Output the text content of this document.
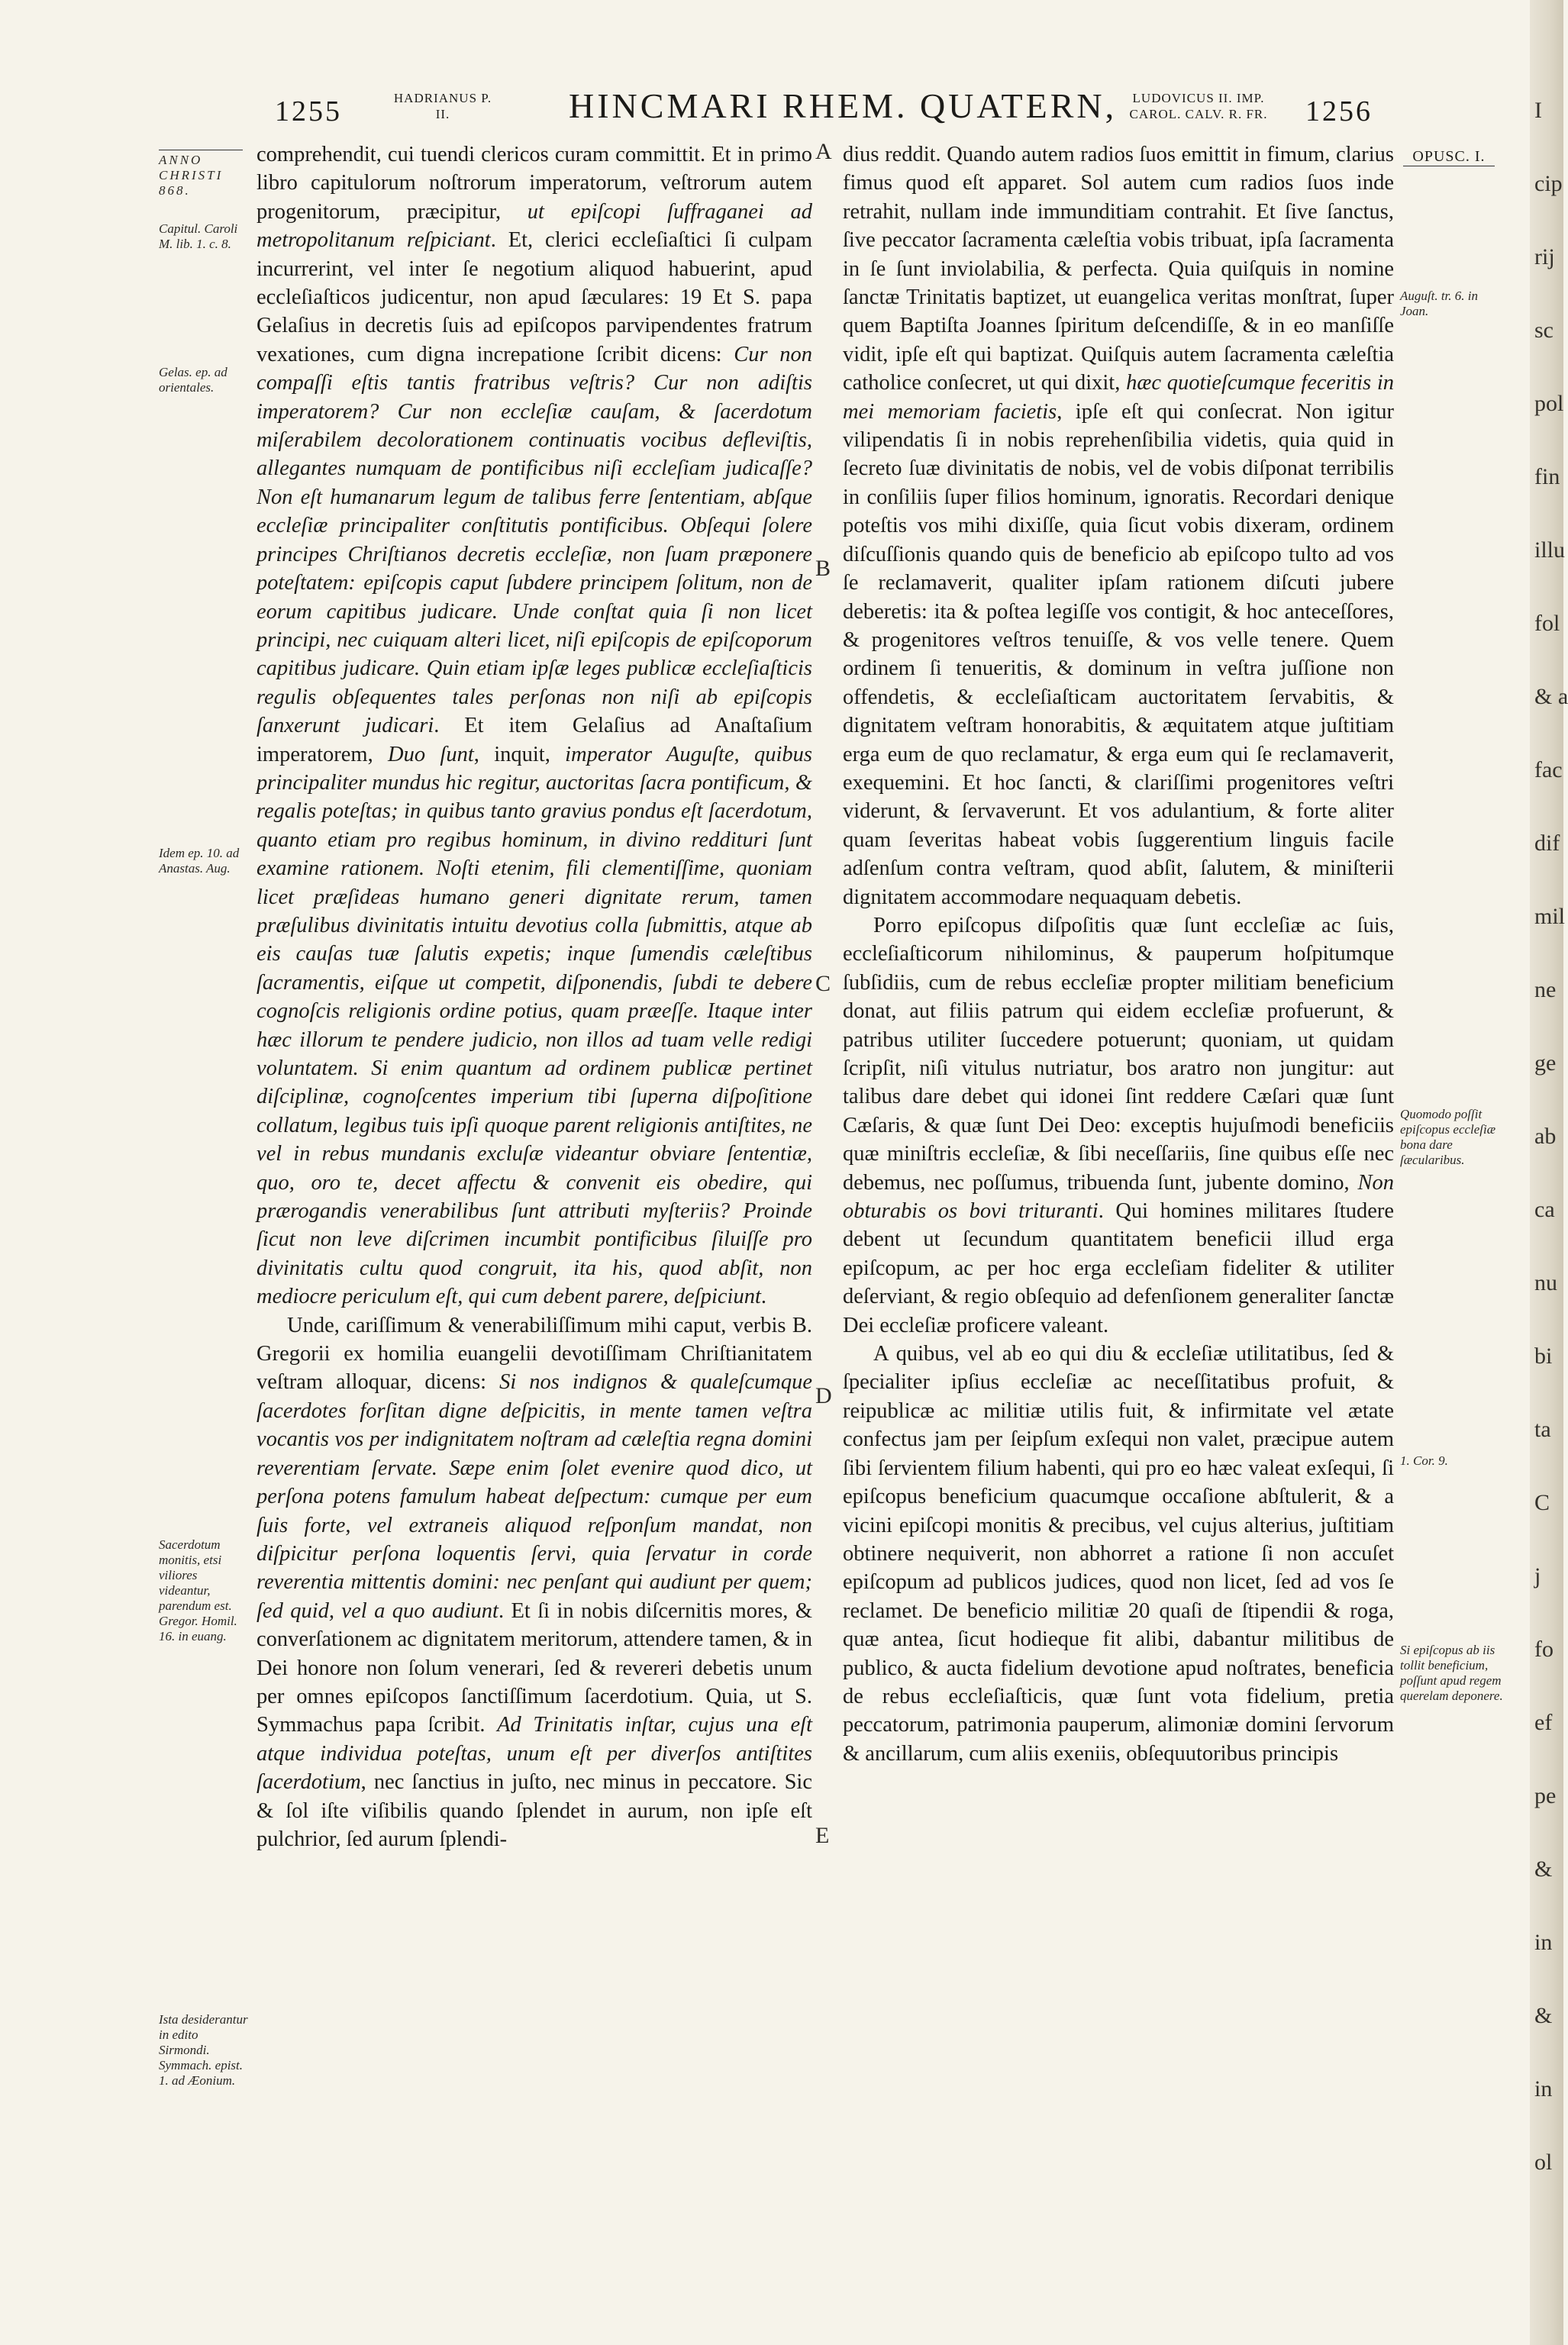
1255	HADRIANUS P. II.	HINCMARI RHEM. QUATERN,	LUDOVICUS II. IMP. CAROL. CALV. R. FR.	1256
OPUSC. I.
ANNO CHRISTI 868.
Capitul. Caroli M. lib. 1. c. 8.
Gelas. ep. ad orientales.
Idem ep. 10. ad Anastas. Aug.
Sacerdotum monitis, etsi viliores videantur, parendum est. Gregor. Homil. 16. in euang.
Ista desiderantur in edito Sirmondi. Symmach. epist. 1. ad Æonium.
A
B
C
D
E

comprehendit, cui tuendi clericos curam committit. Et in primo libro capitulorum noſtrorum imperatorum, veſtrorum autem progenitorum, præcipitur, ut epiſcopi ſuffraganei ad metropolitanum reſpiciant. Et, clerici eccleſiaſtici ſi culpam incurrerint, vel inter ſe negotium aliquod habuerint, apud eccleſiaſticos judicentur, non apud ſæculares: 19 Et S. papa Gelaſius in decretis ſuis ad epiſcopos parvipendentes fratrum vexationes, cum digna increpatione ſcribit dicens: Cur non compaſſi eſtis tantis fratribus veſtris? Cur non adiſtis imperatorem? Cur non eccleſiæ cauſam, & ſacerdotum miſerabilem decolorationem continuatis vocibus defleviſtis, allegantes numquam de pontificibus niſi eccleſiam judicaſſe? Non eſt humanarum legum de talibus ferre ſententiam, abſque eccleſiæ principaliter conſtitutis pontificibus. Obſequi ſolere principes Chriſtianos decretis eccleſiæ, non ſuam præponere poteſtatem: epiſcopis caput ſubdere principem ſolitum, non de eorum capitibus judicare. Unde conſtat quia ſi non licet principi, nec cuiquam alteri licet, niſi epiſcopis de epiſcoporum capitibus judicare. Quin etiam ipſæ leges publicæ eccleſiaſticis regulis obſequentes tales perſonas non niſi ab epiſcopis ſanxerunt judicari. Et item Gelaſius ad Anaſtaſium imperatorem, Duo ſunt, inquit, imperator Auguſte, quibus principaliter mundus hic regitur, auctoritas ſacra pontificum, & regalis poteſtas; in quibus tanto gravius pondus eſt ſacerdotum, quanto etiam pro regibus hominum, in divino reddituri ſunt examine rationem. Noſti etenim, fili clementiſſime, quoniam licet præſideas humano generi dignitate rerum, tamen præſulibus divinitatis intuitu devotius colla ſubmittis, atque ab eis cauſas tuæ ſalutis expetis; inque ſumendis cæleſtibus ſacramentis, eiſque ut competit, diſponendis, ſubdi te debere cognoſcis religionis ordine potius, quam præeſſe. Itaque inter hæc illorum te pendere judicio, non illos ad tuam velle redigi voluntatem. Si enim quantum ad ordinem publicæ pertinet diſciplinæ, cognoſcentes imperium tibi ſuperna diſpoſitione collatum, legibus tuis ipſi quoque parent religionis antiſtites, ne vel in rebus mundanis excluſæ videantur obviare ſententiæ, quo, oro te, decet affectu & convenit eis obedire, qui prærogandis venerabilibus ſunt attributi myſteriis? Proinde ſicut non leve diſcrimen incumbit pontificibus ſiluiſſe pro divinitatis cultu quod congruit, ita his, quod abſit, non mediocre periculum eſt, qui cum debent parere, deſpiciunt.

Unde, cariſſimum & venerabiliſſimum mihi caput, verbis B. Gregorii ex homilia euangelii devotiſſimam Chriſtianitatem veſtram alloquar, dicens: Si nos indignos & qualeſcumque ſacerdotes forſitan digne deſpicitis, in mente tamen veſtra vocantis vos per indignitatem noſtram ad cæleſtia regna domini reverentiam ſervate. Sæpe enim ſolet evenire quod dico, ut perſona potens famulum habeat deſpectum: cumque per eum ſuis forte, vel extraneis aliquod reſponſum mandat, non diſpicitur perſona loquentis ſervi, quia ſervatur in corde reverentia mittentis domini: nec penſant qui audiunt per quem; ſed quid, vel a quo audiunt. Et ſi in nobis diſcernitis mores, & converſationem ac dignitatem meritorum, attendere tamen, & in Dei honore non ſolum venerari, ſed & revereri debetis unum per omnes epiſcopos ſanctiſſimum ſacerdotium. Quia, ut S. Symmachus papa ſcribit. Ad Trinitatis inſtar, cujus una eſt atque individua poteſtas, unum eſt per diverſos antiſtites ſacerdotium, nec ſanctius in juſto, nec minus in peccatore. Sic & ſol iſte viſibilis quando ſplendet in aurum, non ipſe eſt pulchrior, ſed aurum ſplendi-

dius reddit. Quando autem radios ſuos emittit in fimum, clarius fimus quod eſt apparet. Sol autem cum radios ſuos inde retrahit, nullam inde immunditiam contrahit. Et ſive ſanctus, ſive peccator ſacramenta cæleſtia vobis tribuat, ipſa ſacramenta in ſe ſunt inviolabilia, & perfecta. Quia quiſquis in nomine ſanctæ Trinitatis baptizet, ut euangelica veritas monſtrat, ſuper quem Baptiſta Joannes ſpiritum deſcendiſſe, & in eo manſiſſe vidit, ipſe eſt qui baptizat. Quiſquis autem ſacramenta cæleſtia catholice conſecret, ut qui dixit, hæc quotieſcumque feceritis in mei memoriam facietis, ipſe eſt qui conſecrat. Non igitur vilipendatis ſi in nobis reprehenſibilia videtis, quia quid in ſecreto ſuæ divinitatis de nobis, vel de vobis diſponat terribilis in conſiliis ſuper filios hominum, ignoratis. Recordari denique poteſtis vos mihi dixiſſe, quia ſicut vobis dixeram, ordinem diſcuſſionis quando quis de beneficio ab epiſcopo tulto ad vos ſe reclamaverit, qualiter ipſam rationem diſcuti jubere deberetis: ita & poſtea legiſſe vos contigit, & hoc anteceſſores, & progenitores veſtros tenuiſſe, & vos velle tenere. Quem ordinem ſi tenueritis, & dominum in veſtra juſſione non offendetis, & eccleſiaſticam auctoritatem ſervabitis, & dignitatem veſtram honorabitis, & æquitatem atque juſtitiam erga eum de quo reclamatur, & erga eum qui ſe reclamaverit, exequemini. Et hoc ſancti, & clariſſimi progenitores veſtri viderunt, & ſervaverunt. Et vos adulantium, & forte aliter quam ſeveritas habeat vobis ſuggerentium linguis facile adſenſum contra veſtram, quod abſit, ſalutem, & miniſterii dignitatem accommodare nequaquam debetis.

Porro epiſcopus diſpoſitis quæ ſunt eccleſiæ ac ſuis, eccleſiaſticorum nihilominus, & pauperum hoſpitumque ſubſidiis, cum de rebus eccleſiæ propter militiam beneficium donat, aut filiis patrum qui eidem eccleſiæ profuerunt, & patribus utiliter ſuccedere potuerunt; quoniam, ut quidam ſcripſit, niſi vitulus nutriatur, bos aratro non jungitur: aut talibus dare debet qui idonei ſint reddere Cæſari quæ ſunt Cæſaris, & quæ ſunt Dei Deo: exceptis hujuſmodi beneficiis quæ miniſtris eccleſiæ, & ſibi neceſſariis, ſine quibus eſſe nec debemus, nec poſſumus, tribuenda ſunt, jubente domino, Non obturabis os bovi trituranti. Qui homines militares ſtudere debent ut ſecundum quantitatem beneficii illud erga epiſcopum, ac per hoc erga eccleſiam fideliter & utiliter deſerviant, & regio obſequio ad defenſionem generaliter ſanctæ Dei eccleſiæ proficere valeant.

A quibus, vel ab eo qui diu & eccleſiæ utilitatibus, ſed & ſpecialiter ipſius eccleſiæ ac neceſſitatibus profuit, & reipublicæ ac militiæ utilis fuit, & infirmitate vel ætate confectus jam per ſeipſum exſequi non valet, præcipue autem ſibi ſervientem filium habenti, qui pro eo hæc valeat exſequi, ſi epiſcopus beneficium quacumque occaſione abſtulerit, & a vicini epiſcopi monitis & precibus, vel cujus alterius, juſtitiam obtinere nequiverit, non abhorret a ratione ſi non accuſet epiſcopum ad publicos judices, quod non licet, ſed ad vos ſe reclamet. De beneficio militiæ 20 quaſi de ſtipendii & roga, quæ antea, ſicut hodieque fit alibi, dabantur militibus de publico, & aucta fidelium devotione apud noſtrates, beneficia de rebus eccleſiaſticis, quæ ſunt vota fidelium, pretia peccatorum, patrimonia pauperum, alimoniæ domini ſervorum & ancillarum, cum aliis exeniis, obſequutoribus principis

Auguſt. tr. 6. in Joan.
Quomodo poſſit epiſcopus eccleſiæ bona dare ſæcularibus.
1. Cor. 9.
Si epiſcopus ab iis tollit beneficium, poſſunt apud regem querelam deponere.
I
cip
rij
sc
pol
fin
illu
fol
& a
fac
dif
mil
ne
ge
ab
ca
nu
bi
ta
C
j
fo
ef
pe
&
in
&
in
ol
